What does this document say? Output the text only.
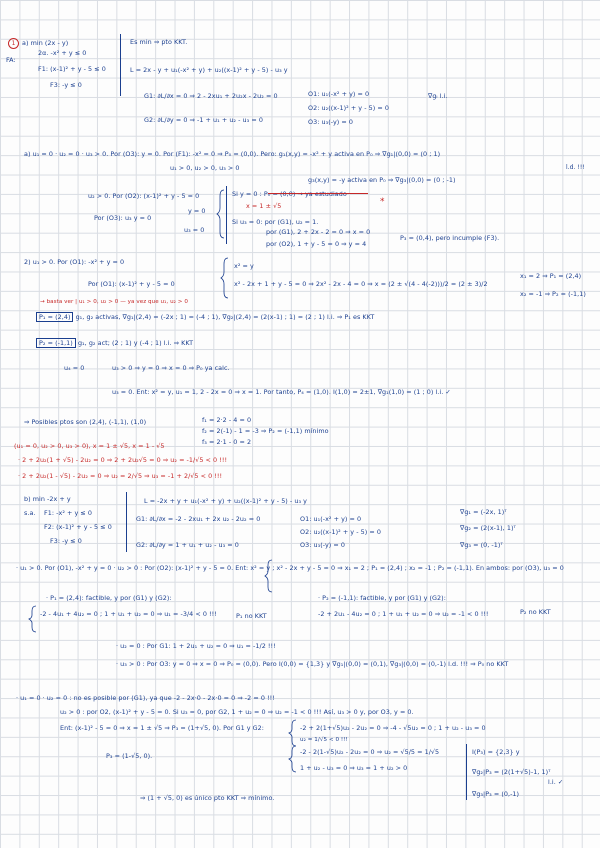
1 a) min (2x - y)
FA:
2α. -x² + y ≤ 0
F1: (x-1)² + y - 5 ≤ 0
F3: -y ≤ 0
Es min ⇒ pto KKT.
L = 2x - y + u₁(-x² + y) + u₂((x-1)² + y - 5) - u₃ y
G1: ∂L/∂x = 0 ⇒ 2 - 2xu₁ + 2u₂x - 2u₂ = 0
G2: ∂L/∂y = 0 ⇒ -1 + u₁ + u₂ - u₃ = 0
O1: u₁(-x² + y) = 0
O2: u₂((x-1)² + y - 5) = 0
O3: u₃(-y) = 0
∇gᵢ l.i.
a) u₁ = 0 · u₂ = 0 · u₃ > 0. Por (O3): y = 0. Por (F1): -x² = 0 ⇒ P₀ = (0,0). Pero: g₁(x,y) = -x² + y activa en P₀ ⇒ ∇g₁|(0,0) = (0 ; 1)
u₁ > 0, u₂ > 0, u₃ > 0
g₃(x,y) = -y activa en P₀ ⇒ ∇g₃|(0,0) = (0 ; -1)
l.d. !!!
u₂ > 0. Por (O2): (x-1)² + y - 5 = 0	Si y = 0 : P₀ = (0,0) → ya estudiado
x = 1 ± √5	*
Por (O3): u₃ y = 0
y = 0
u₃ = 0
Si u₃ = 0: por (G1), u₂ = 1.
por (G1), 2 + 2x - 2 = 0 ⇒ x = 0
por (O2), 1 + y - 5 = 0 ⇒ y = 4
P₃ = (0,4), pero incumple (F3).
2) u₁ > 0. Por (O1): -x² + y = 0	x² = y
Por (O1): (x-1)² + y - 5 = 0	x² - 2x + 1 + y - 5 = 0 ⇒ 2x² - 2x - 4 = 0 ⇒ x = (2 ± √(4 - 4(-2)))/2 = (2 ± 3)/2
x₁ = 2 ⇒ P₁ = (2,4)
x₂ = -1 ⇒ P₂ = (-1,1)
→ basta ver | u₁ > 0, u₂ > 0 — ya vez que u₁, u₂ > 0
P₁ = (2,4) g₁, g₂ activas, ∇g₁|(2,4) = (-2x ; 1) = (-4 ; 1), ∇g₂|(2,4) = (2(x-1) ; 1) = (2 ; 1) l.i. ⇒ P₁ es KKT
P₂ = (-1,1) g₁, g₂ act; (2 ; 1) y (-4 ; 1) l.i. ⇒ KKT
u₄ = 0	u₃ > 0 ⇒ y = 0 ⇒ x = 0 ⇒ P₀ ya calc.
u₃ = 0. Ent: x² = y, u₁ = 1, 2 - 2x = 0 ⇒ x = 1. Por tanto, P₄ = (1,0). I(1,0) = 2±1, ∇g₁(1,0) = (1 ; 0) l.i. ✓
⇒ Posibles ptos son (2,4), (-1,1), (1,0)	f₁ = 2·2 - 4 = 0
f₂ = 2(-1) - 1 = -3 ⇒ P₂ = (-1,1) mínimo
f₃ = 2·1 - 0 = 2
(u₁ = 0, u₂ > 0, u₃ > 0), x = 1 ± √5, x = 1 - √5
· 2 + 2u₂(1 + √5) - 2u₂ = 0 ⇒ 2 + 2u₂√5 = 0 ⇒ u₂ = -1/√5 < 0 !!!
· 2 + 2u₂(1 - √5) - 2u₂ = 0 ⇒ u₂ = 2/√5 ⇒ u₃ = -1 + 2/√5 < 0 !!!
b) min -2x + y
s.a. F1: -x² + y ≤ 0
F2: (x-1)² + y - 5 ≤ 0
F3: -y ≤ 0
L = -2x + y + u₁(-x² + y) + u₂((x-1)² + y - 5) - u₃ y
G1: ∂L/∂x = -2 - 2xu₁ + 2x u₂ - 2u₂ = 0
G2: ∂L/∂y = 1 + u₁ + u₂ - u₃ = 0
O1: u₁(-x² + y) = 0
O2: u₂((x-1)² + y - 5) = 0
O3: u₃(-y) = 0
∇g₁ = (-2x, 1)ᵀ
∇g₂ = (2(x-1), 1)ᵀ
∇g₃ = (0, -1)ᵀ
· u₁ > 0. Por (O1), -x² + y = 0 · u₂ > 0 : Por (O2): (x-1)² + y - 5 = 0. Ent: x² = y ; x² - 2x + y - 5 = 0 ⇒ x₁ = 2 ; P₁ = (2,4) ; x₂ = -1 ; P₂ = (-1,1). En ambos: por (O3), u₃ = 0
· P₁ = (2,4): factible, y por (G1) y (G2):
-2 - 4u₁ + 4u₂ = 0 ; 1 + u₁ + u₂ = 0 ⇒ u₁ = -3/4 < 0 !!!	P₁ no KKT
· P₂ = (-1,1): factible, y por (G1) y (G2):
-2 + 2u₁ - 4u₂ = 0 ; 1 + u₁ + u₂ = 0 ⇒ u₂ = -1 < 0 !!!	P₂ no KKT
· u₂ = 0 : Por G1: 1 + 2u₁ + u₂ = 0 ⇒ u₁ = -1/2 !!!
· u₃ > 0 : Por O3: y = 0 ⇒ x = 0 ⇒ P₀ = (0,0). Pero I(0,0) = {1,3} y ∇g₁|(0,0) = (0,1), ∇g₃|(0,0) = (0,-1) l.d. !!! ⇒ P₀ no KKT
· u₁ = 0 · u₂ = 0 : no es posible por (G1), ya que -2 - 2x·0 - 2x·0 = 0 ⇒ -2 = 0 !!!
u₂ > 0 : por O2, (x-1)² + y - 5 = 0. Si u₃ = 0, por G2, 1 + u₂ = 0 ⇒ u₂ = -1 < 0 !!! Así, u₃ > 0 y, por O3, y = 0.
Ent: (x-1)² - 5 = 0 ⇒ x = 1 ± √5 ⇒ P₃ = (1+√5, 0). Por G1 y G2:	-2 + 2(1+√5)u₂ - 2u₂ = 0 ⇒ -4 - √5u₂ = 0 ; 1 + u₂ - u₃ = 0
P₃ = (1-√5, 0).	-2 - 2(1-√5)u₂ - 2u₂ = 0 ⇒ u₂ = √5/5 = 1/√5
1 + u₂ - u₃ = 0 ⇒ u₃ = 1 + u₂ > 0
u₂ = 1/√5 < 0 !!!
I(P₃) = {2,3} y
∇g₂|P₃ = (2(1+√5)-1, 1)ᵀ
∇g₃|P₃ = (0,-1)
l.i. ✓
⇒ (1 + √5, 0) es único pto KKT ⇒ mínimo.
